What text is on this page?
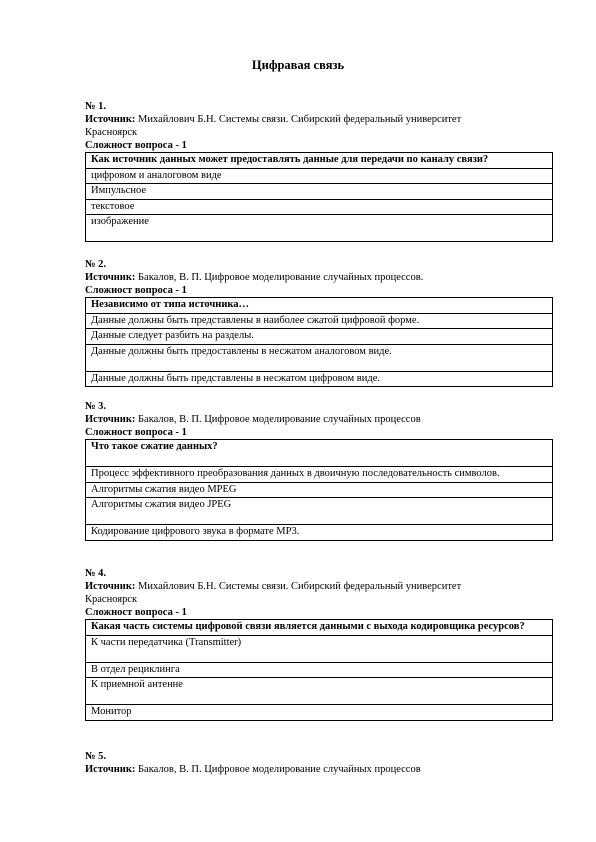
Цифравая связь
№ 1.
Источник: Михайлович Б.Н. Системы связи. Сибирский федеральный университет
Красноярск
Сложност вопроса - 1
Как источник данных может предоставлять данные для передачи по каналу связи?
цифровом и аналоговом виде
Импульсное
текстовое
изображение
№ 2.
Источник: Бакалов, В. П. Цифровое моделирование случайных процессов.
Сложност вопроса - 1
Независимо от типа источника…
Данные должны быть представлены в наиболее сжатой цифровой форме.
Данные следует разбить на разделы.
Данные должны быть предоставлены в несжатом аналоговом виде.
Данные должны быть представлены в несжатом цифровом виде.
№ 3.
Источник: Бакалов, В. П. Цифровое моделирование случайных процессов
Сложност вопроса - 1
Что такое сжатие данных?
Процесс эффективного преобразования данных в двоичную последовательность символов.
Алгоритмы сжатия видео MPEG
Алгоритмы сжатия видео JPEG
Кодирование цифрового звука в формате MP3.
№ 4.
Источник: Михайлович Б.Н. Системы связи. Сибирский федеральный университет
Красноярск
Сложност вопроса - 1
Какая часть системы цифровой связи является данными с выхода кодировщика ресурсов?
К части передатчика (Transmitter)
В отдел рециклинга
К приемной антенне
Монитор
№ 5.
Источник: Бакалов, В. П. Цифровое моделирование случайных процессов
